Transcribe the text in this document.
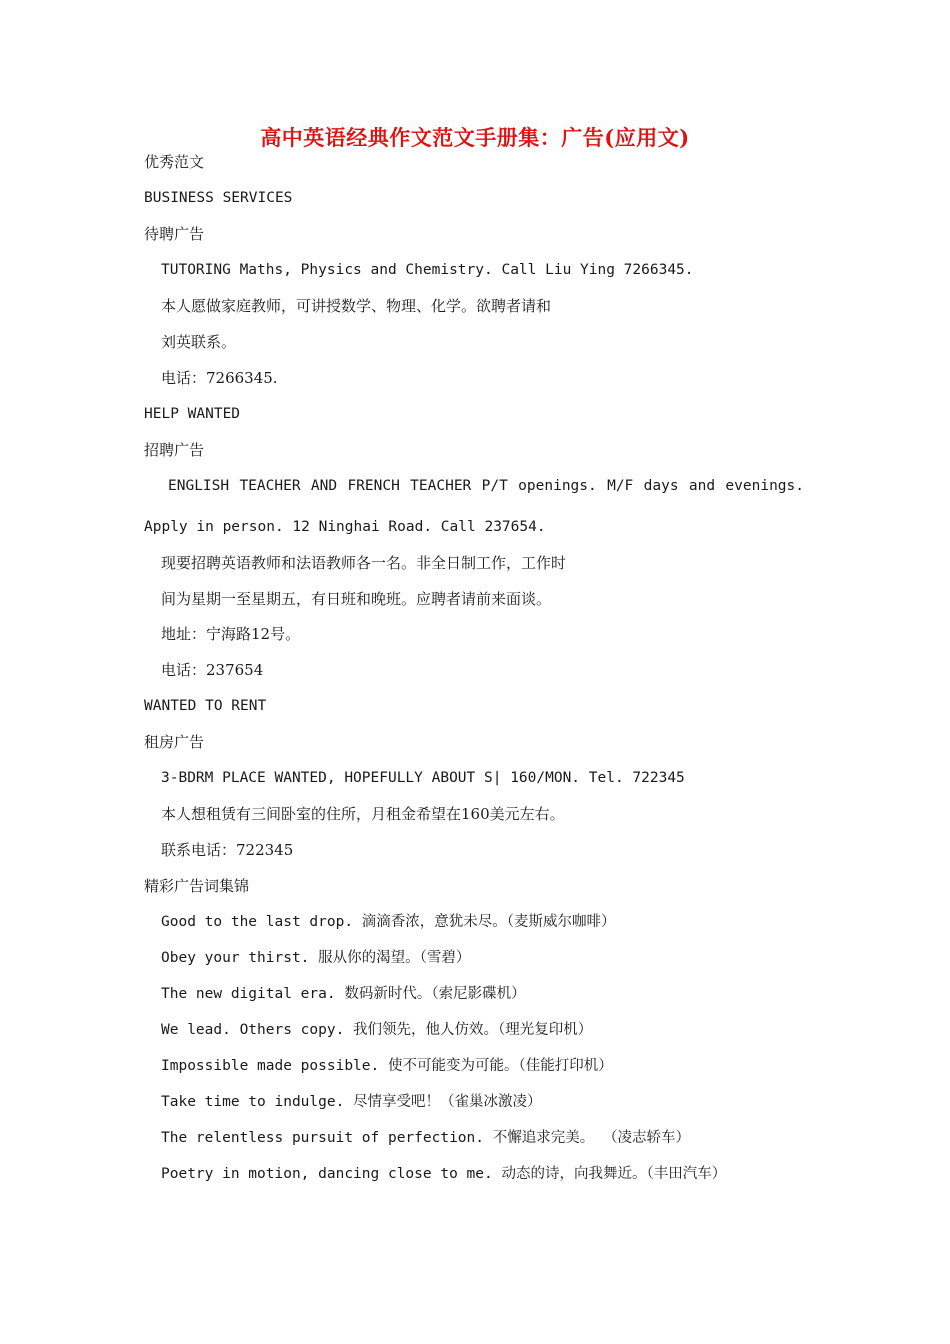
高中英语经典作文范文手册集：广告(应用文)
优秀范文
BUSINESS SERVICES
待聘广告
TUTORING Maths, Physics and Chemistry. Call Liu Ying 7266345.
本人愿做家庭教师，可讲授数学、物理、化学。欲聘者请和
刘英联系。
电话：7266345.
HELP WANTED
招聘广告
ENGLISH TEACHER AND FRENCH TEACHER P/T openings. M/F days and evenings.
Apply in person. 12 Ninghai Road. Call 237654.
现要招聘英语教师和法语教师各一名。非全日制工作，工作时
间为星期一至星期五，有日班和晚班。应聘者请前来面谈。
地址：宁海路12号。
电话：237654
WANTED TO RENT
租房广告
3-BDRM PLACE WANTED, HOPEFULLY ABOUT S| 160/MON. Tel. 722345
本人想租赁有三间卧室的住所，月租金希望在160美元左右。
联系电话：722345
精彩广告词集锦
Good to the last drop. 滴滴香浓，意犹未尽。（麦斯威尔咖啡）
Obey your thirst. 服从你的渴望。（雪碧）
The new digital era. 数码新时代。（索尼影碟机）
We lead. Others copy. 我们领先，他人仿效。（理光复印机）
Impossible made possible. 使不可能变为可能。（佳能打印机）
Take time to indulge. 尽情享受吧！（雀巢冰激凌）
The relentless pursuit of perfection. 不懈追求完美。 （凌志轿车）
Poetry in motion, dancing close to me. 动态的诗，向我舞近。（丰田汽车）
